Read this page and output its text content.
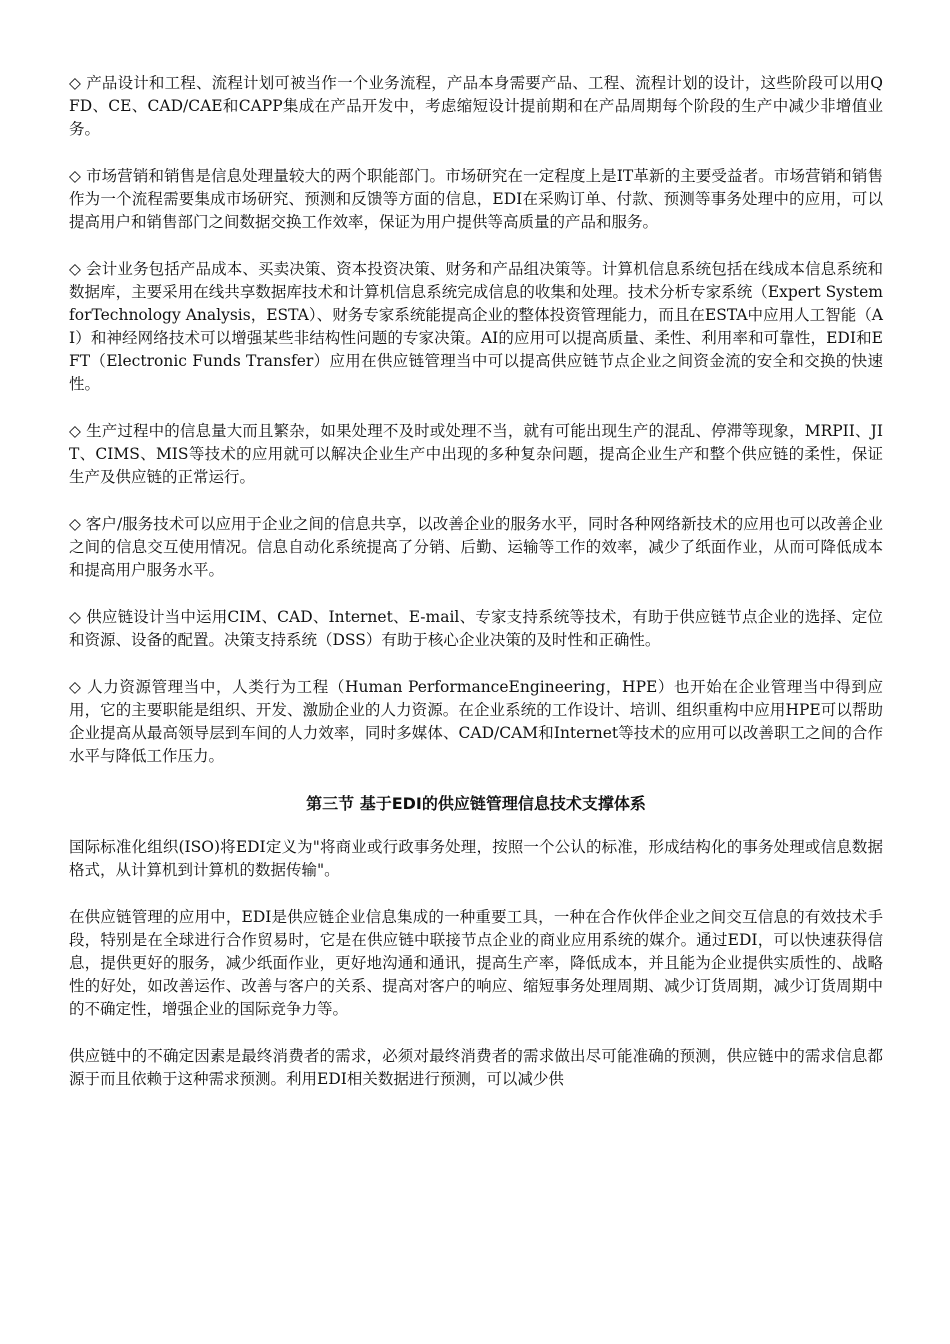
◇ 产品设计和工程、流程计划可被当作一个业务流程，产品本身需要产品、工程、流程计划的设计，这些阶段可以用QFD、CE、CAD/CAE和CAPP集成在产品开发中，考虑缩短设计提前期和在产品周期每个阶段的生产中减少非增值业务。

◇ 市场营销和销售是信息处理量较大的两个职能部门。市场研究在一定程度上是IT革新的主要受益者。市场营销和销售作为一个流程需要集成市场研究、预测和反馈等方面的信息，EDI在采购订单、付款、预测等事务处理中的应用，可以提高用户和销售部门之间数据交换工作效率，保证为用户提供等高质量的产品和服务。

◇ 会计业务包括产品成本、买卖决策、资本投资决策、财务和产品组决策等。计算机信息系统包括在线成本信息系统和数据库，主要采用在线共享数据库技术和计算机信息系统完成信息的收集和处理。技术分析专家系统（Expert System forTechnology Analysis，ESTA）、财务专家系统能提高企业的整体投资管理能力，而且在ESTA中应用人工智能（AI）和神经网络技术可以增强某些非结构性问题的专家决策。AI的应用可以提高质量、柔性、利用率和可靠性，EDI和EFT（Electronic Funds Transfer）应用在供应链管理当中可以提高供应链节点企业之间资金流的安全和交换的快速性。

◇ 生产过程中的信息量大而且繁杂，如果处理不及时或处理不当，就有可能出现生产的混乱、停滞等现象，MRPII、JIT、CIMS、MIS等技术的应用就可以解决企业生产中出现的多种复杂问题，提高企业生产和整个供应链的柔性，保证生产及供应链的正常运行。

◇ 客户/服务技术可以应用于企业之间的信息共享，以改善企业的服务水平，同时各种网络新技术的应用也可以改善企业之间的信息交互使用情况。信息自动化系统提高了分销、后勤、运输等工作的效率，减少了纸面作业，从而可降低成本和提高用户服务水平。

◇ 供应链设计当中运用CIM、CAD、Internet、E-mail、专家支持系统等技术，有助于供应链节点企业的选择、定位和资源、设备的配置。决策支持系统（DSS）有助于核心企业决策的及时性和正确性。

◇ 人力资源管理当中，人类行为工程（Human PerformanceEngineering，HPE）也开始在企业管理当中得到应用，它的主要职能是组织、开发、激励企业的人力资源。在企业系统的工作设计、培训、组织重构中应用HPE可以帮助企业提高从最高领导层到车间的人力效率，同时多媒体、CAD/CAM和Internet等技术的应用可以改善职工之间的合作水平与降低工作压力。

第三节 基于EDI的供应链管理信息技术支撑体系

国际标准化组织(ISO)将EDI定义为"将商业或行政事务处理，按照一个公认的标准，形成结构化的事务处理或信息数据格式，从计算机到计算机的数据传输"。

在供应链管理的应用中，EDI是供应链企业信息集成的一种重要工具，一种在合作伙伴企业之间交互信息的有效技术手段，特别是在全球进行合作贸易时，它是在供应链中联接节点企业的商业应用系统的媒介。通过EDI，可以快速获得信息，提供更好的服务，减少纸面作业，更好地沟通和通讯，提高生产率，降低成本，并且能为企业提供实质性的、战略性的好处，如改善运作、改善与客户的关系、提高对客户的响应、缩短事务处理周期、减少订货周期，减少订货周期中的不确定性，增强企业的国际竞争力等。

供应链中的不确定因素是最终消费者的需求，必须对最终消费者的需求做出尽可能准确的预测，供应链中的需求信息都源于而且依赖于这种需求预测。利用EDI相关数据进行预测，可以减少供
